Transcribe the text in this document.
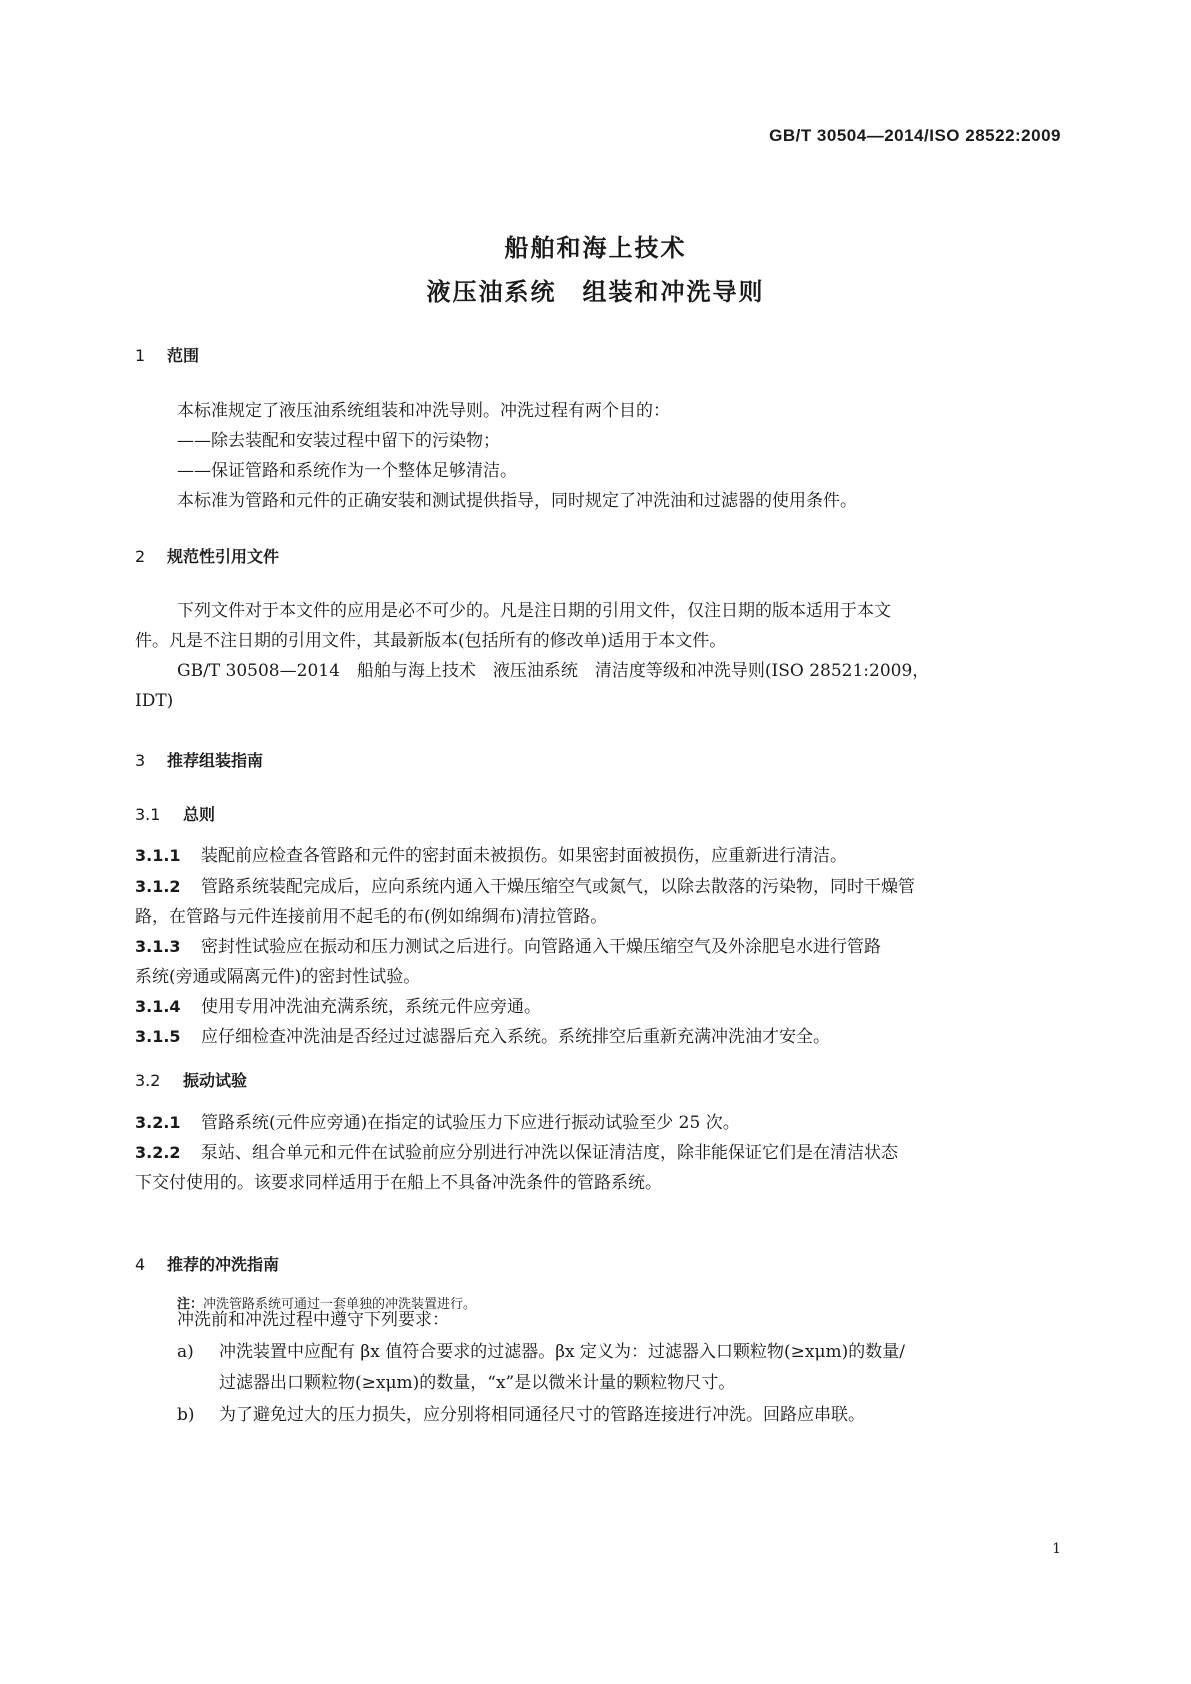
GB/T 30504—2014/ISO 28522:2009
船舶和海上技术
液压油系统　组装和冲洗导则
1 范围
本标准规定了液压油系统组装和冲洗导则。冲洗过程有两个目的：
——除去装配和安装过程中留下的污染物；
——保证管路和系统作为一个整体足够清洁。
本标准为管路和元件的正确安装和测试提供指导，同时规定了冲洗油和过滤器的使用条件。
2 规范性引用文件
下列文件对于本文件的应用是必不可少的。凡是注日期的引用文件，仅注日期的版本适用于本文
件。凡是不注日期的引用文件，其最新版本(包括所有的修改单)适用于本文件。
GB/T 30508—2014　船舶与海上技术　液压油系统　清洁度等级和冲洗导则(ISO 28521:2009，
IDT)
3 推荐组装指南
3.1 总则
3.1.1 装配前应检查各管路和元件的密封面未被损伤。如果密封面被损伤，应重新进行清洁。
3.1.2 管路系统装配完成后，应向系统内通入干燥压缩空气或氮气，以除去散落的污染物，同时干燥管
路，在管路与元件连接前用不起毛的布(例如绵绸布)清拉管路。
3.1.3 密封性试验应在振动和压力测试之后进行。向管路通入干燥压缩空气及外涂肥皂水进行管路
系统(旁通或隔离元件)的密封性试验。
3.1.4 使用专用冲洗油充满系统，系统元件应旁通。
3.1.5 应仔细检查冲洗油是否经过过滤器后充入系统。系统排空后重新充满冲洗油才安全。
3.2 振动试验
3.2.1 管路系统(元件应旁通)在指定的试验压力下应进行振动试验至少 25 次。
3.2.2 泵站、组合单元和元件在试验前应分别进行冲洗以保证清洁度，除非能保证它们是在清洁状态
下交付使用的。该要求同样适用于在船上不具备冲洗条件的管路系统。
注：冲洗管路系统可通过一套单独的冲洗装置进行。
4 推荐的冲洗指南
冲洗前和冲洗过程中遵守下列要求：
a) 冲洗装置中应配有 βx 值符合要求的过滤器。βx 定义为：过滤器入口颗粒物(≥xμm)的数量/
过滤器出口颗粒物(≥xμm)的数量，“x”是以微米计量的颗粒物尺寸。
b) 为了避免过大的压力损失，应分别将相同通径尺寸的管路连接进行冲洗。回路应串联。
1
